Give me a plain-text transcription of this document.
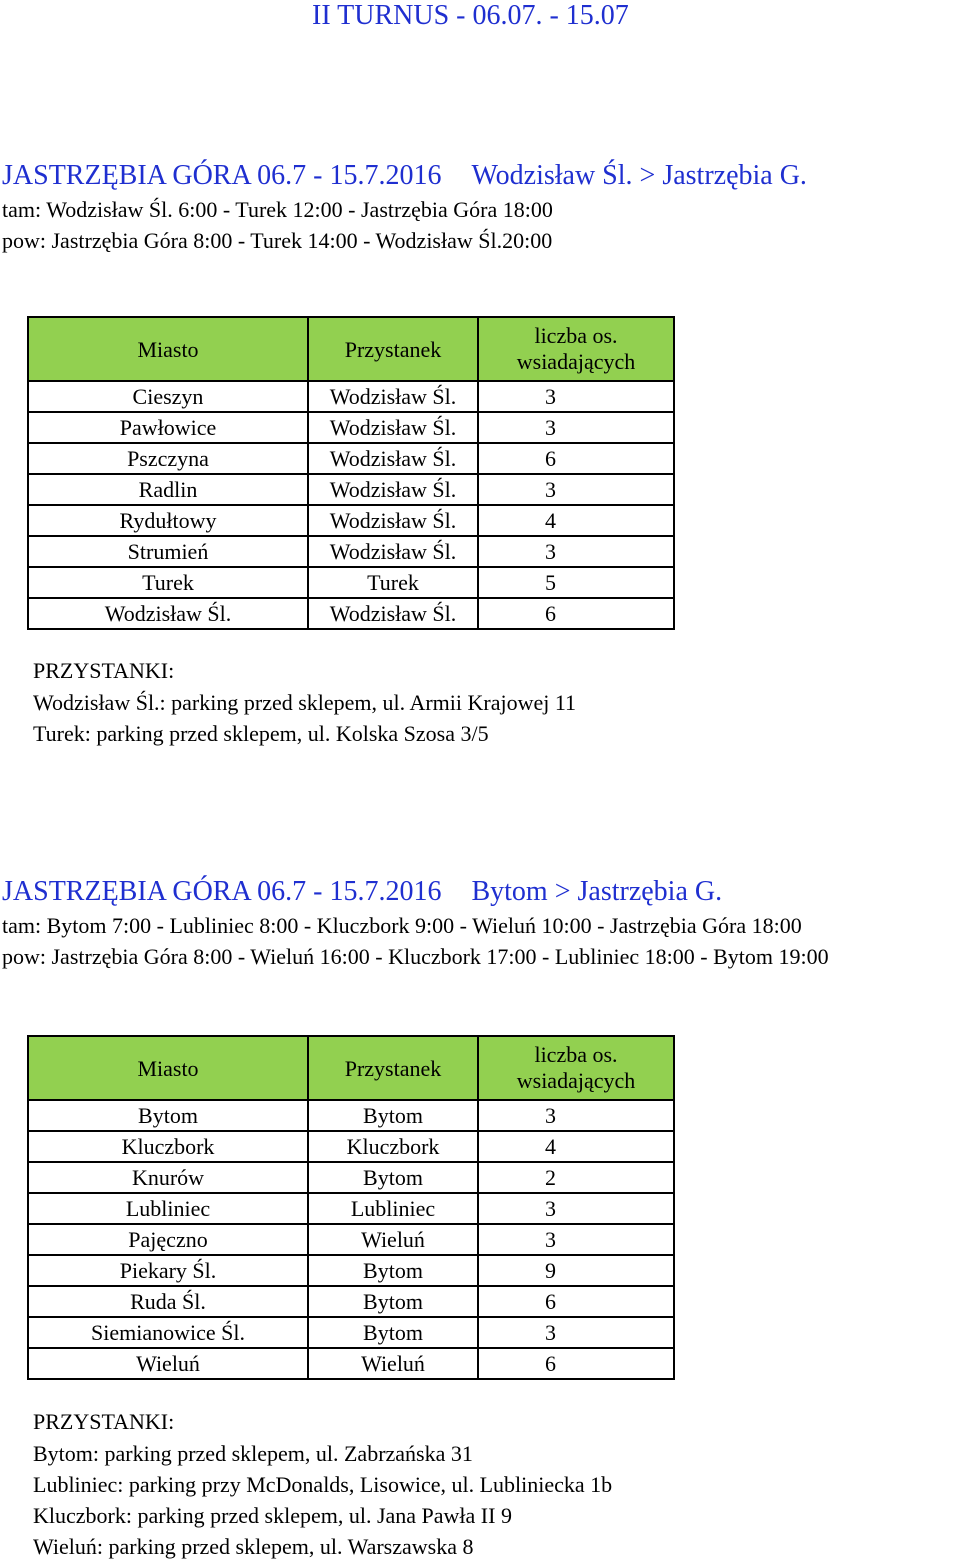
II TURNUS - 06.07. - 15.07
JASTRZĘBIA GÓRA 06.7 - 15.7.2016 Wodzisław Śl. > Jastrzębia G.
tam: Wodzisław Śl. 6:00 - Turek 12:00 - Jastrzębia Góra 18:00
pow: Jastrzębia Góra 8:00 - Turek 14:00 - Wodzisław Śl.20:00
Miasto	Przystanek	liczba os. wsiadających
Cieszyn	Wodzisław Śl.	3
Pawłowice	Wodzisław Śl.	3
Pszczyna	Wodzisław Śl.	6
Radlin	Wodzisław Śl.	3
Rydułtowy	Wodzisław Śl.	4
Strumień	Wodzisław Śl.	3
Turek	Turek	5
Wodzisław Śl.	Wodzisław Śl.	6
PRZYSTANKI:
Wodzisław Śl.: parking przed sklepem, ul. Armii Krajowej 11
Turek: parking przed sklepem, ul. Kolska Szosa 3/5
JASTRZĘBIA GÓRA 06.7 - 15.7.2016 Bytom > Jastrzębia G.
tam: Bytom 7:00 - Lubliniec 8:00 - Kluczbork 9:00 - Wieluń 10:00 - Jastrzębia Góra 18:00
pow: Jastrzębia Góra 8:00 - Wieluń 16:00 - Kluczbork 17:00 - Lubliniec 18:00 - Bytom 19:00
Miasto	Przystanek	liczba os. wsiadających
Bytom	Bytom	3
Kluczbork	Kluczbork	4
Knurów	Bytom	2
Lubliniec	Lubliniec	3
Pajęczno	Wieluń	3
Piekary Śl.	Bytom	9
Ruda Śl.	Bytom	6
Siemianowice Śl.	Bytom	3
Wieluń	Wieluń	6
PRZYSTANKI:
Bytom: parking przed sklepem, ul. Zabrzańska 31
Lubliniec: parking przy McDonalds, Lisowice, ul. Lubliniecka 1b
Kluczbork: parking przed sklepem, ul. Jana Pawła II 9
Wieluń: parking przed sklepem, ul. Warszawska 8
